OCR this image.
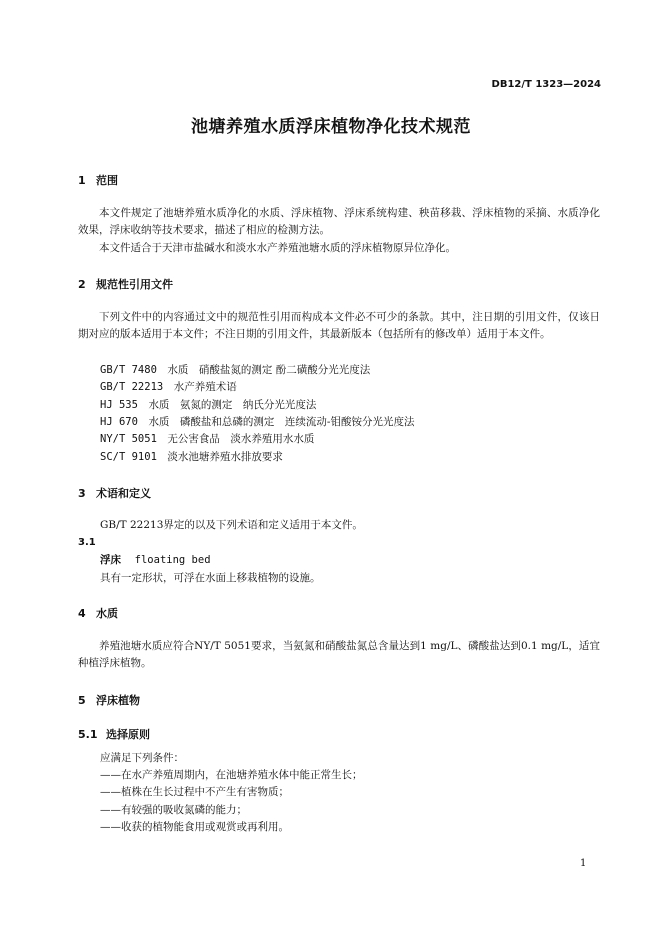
DB12/T 1323—2024
池塘养殖水质浮床植物净化技术规范
1 范围
本文件规定了池塘养殖水质净化的水质、浮床植物、浮床系统构建、秧苗移栽、浮床植物的采摘、水质净化效果，浮床收纳等技术要求，描述了相应的检测方法。
本文件适合于天津市盐碱水和淡水水产养殖池塘水质的浮床植物原异位净化。
2 规范性引用文件
下列文件中的内容通过文中的规范性引用而构成本文件必不可少的条款。其中，注日期的引用文件，仅该日期对应的版本适用于本文件；不注日期的引用文件，其最新版本（包括所有的修改单）适用于本文件。
GB/T 7480　 水质　硝酸盐氮的测定 酚二磺酸分光光度法
GB/T 22213　 水产养殖术语
HJ 535　 水质　氨氮的测定　纳氏分光光度法
HJ 670　 水质　磷酸盐和总磷的测定　连续流动-钼酸铵分光光度法
NY/T 5051　 无公害食品　淡水养殖用水水质
SC/T 9101　 淡水池塘养殖水排放要求
3 术语和定义
GB/T 22213界定的以及下列术语和定义适用于本文件。
3.1
浮床 floating bed
具有一定形状，可浮在水面上移栽植物的设施。
4 水质
养殖池塘水质应符合NY/T 5051要求，当氨氮和硝酸盐氮总含量达到1 mg/L、磷酸盐达到0.1 mg/L，适宜种植浮床植物。
5 浮床植物
5.1 选择原则
应满足下列条件：
——在水产养殖周期内，在池塘养殖水体中能正常生长；
——植株在生长过程中不产生有害物质；
——有较强的吸收氮磷的能力；
——收获的植物能食用或观赏或再利用。
1
